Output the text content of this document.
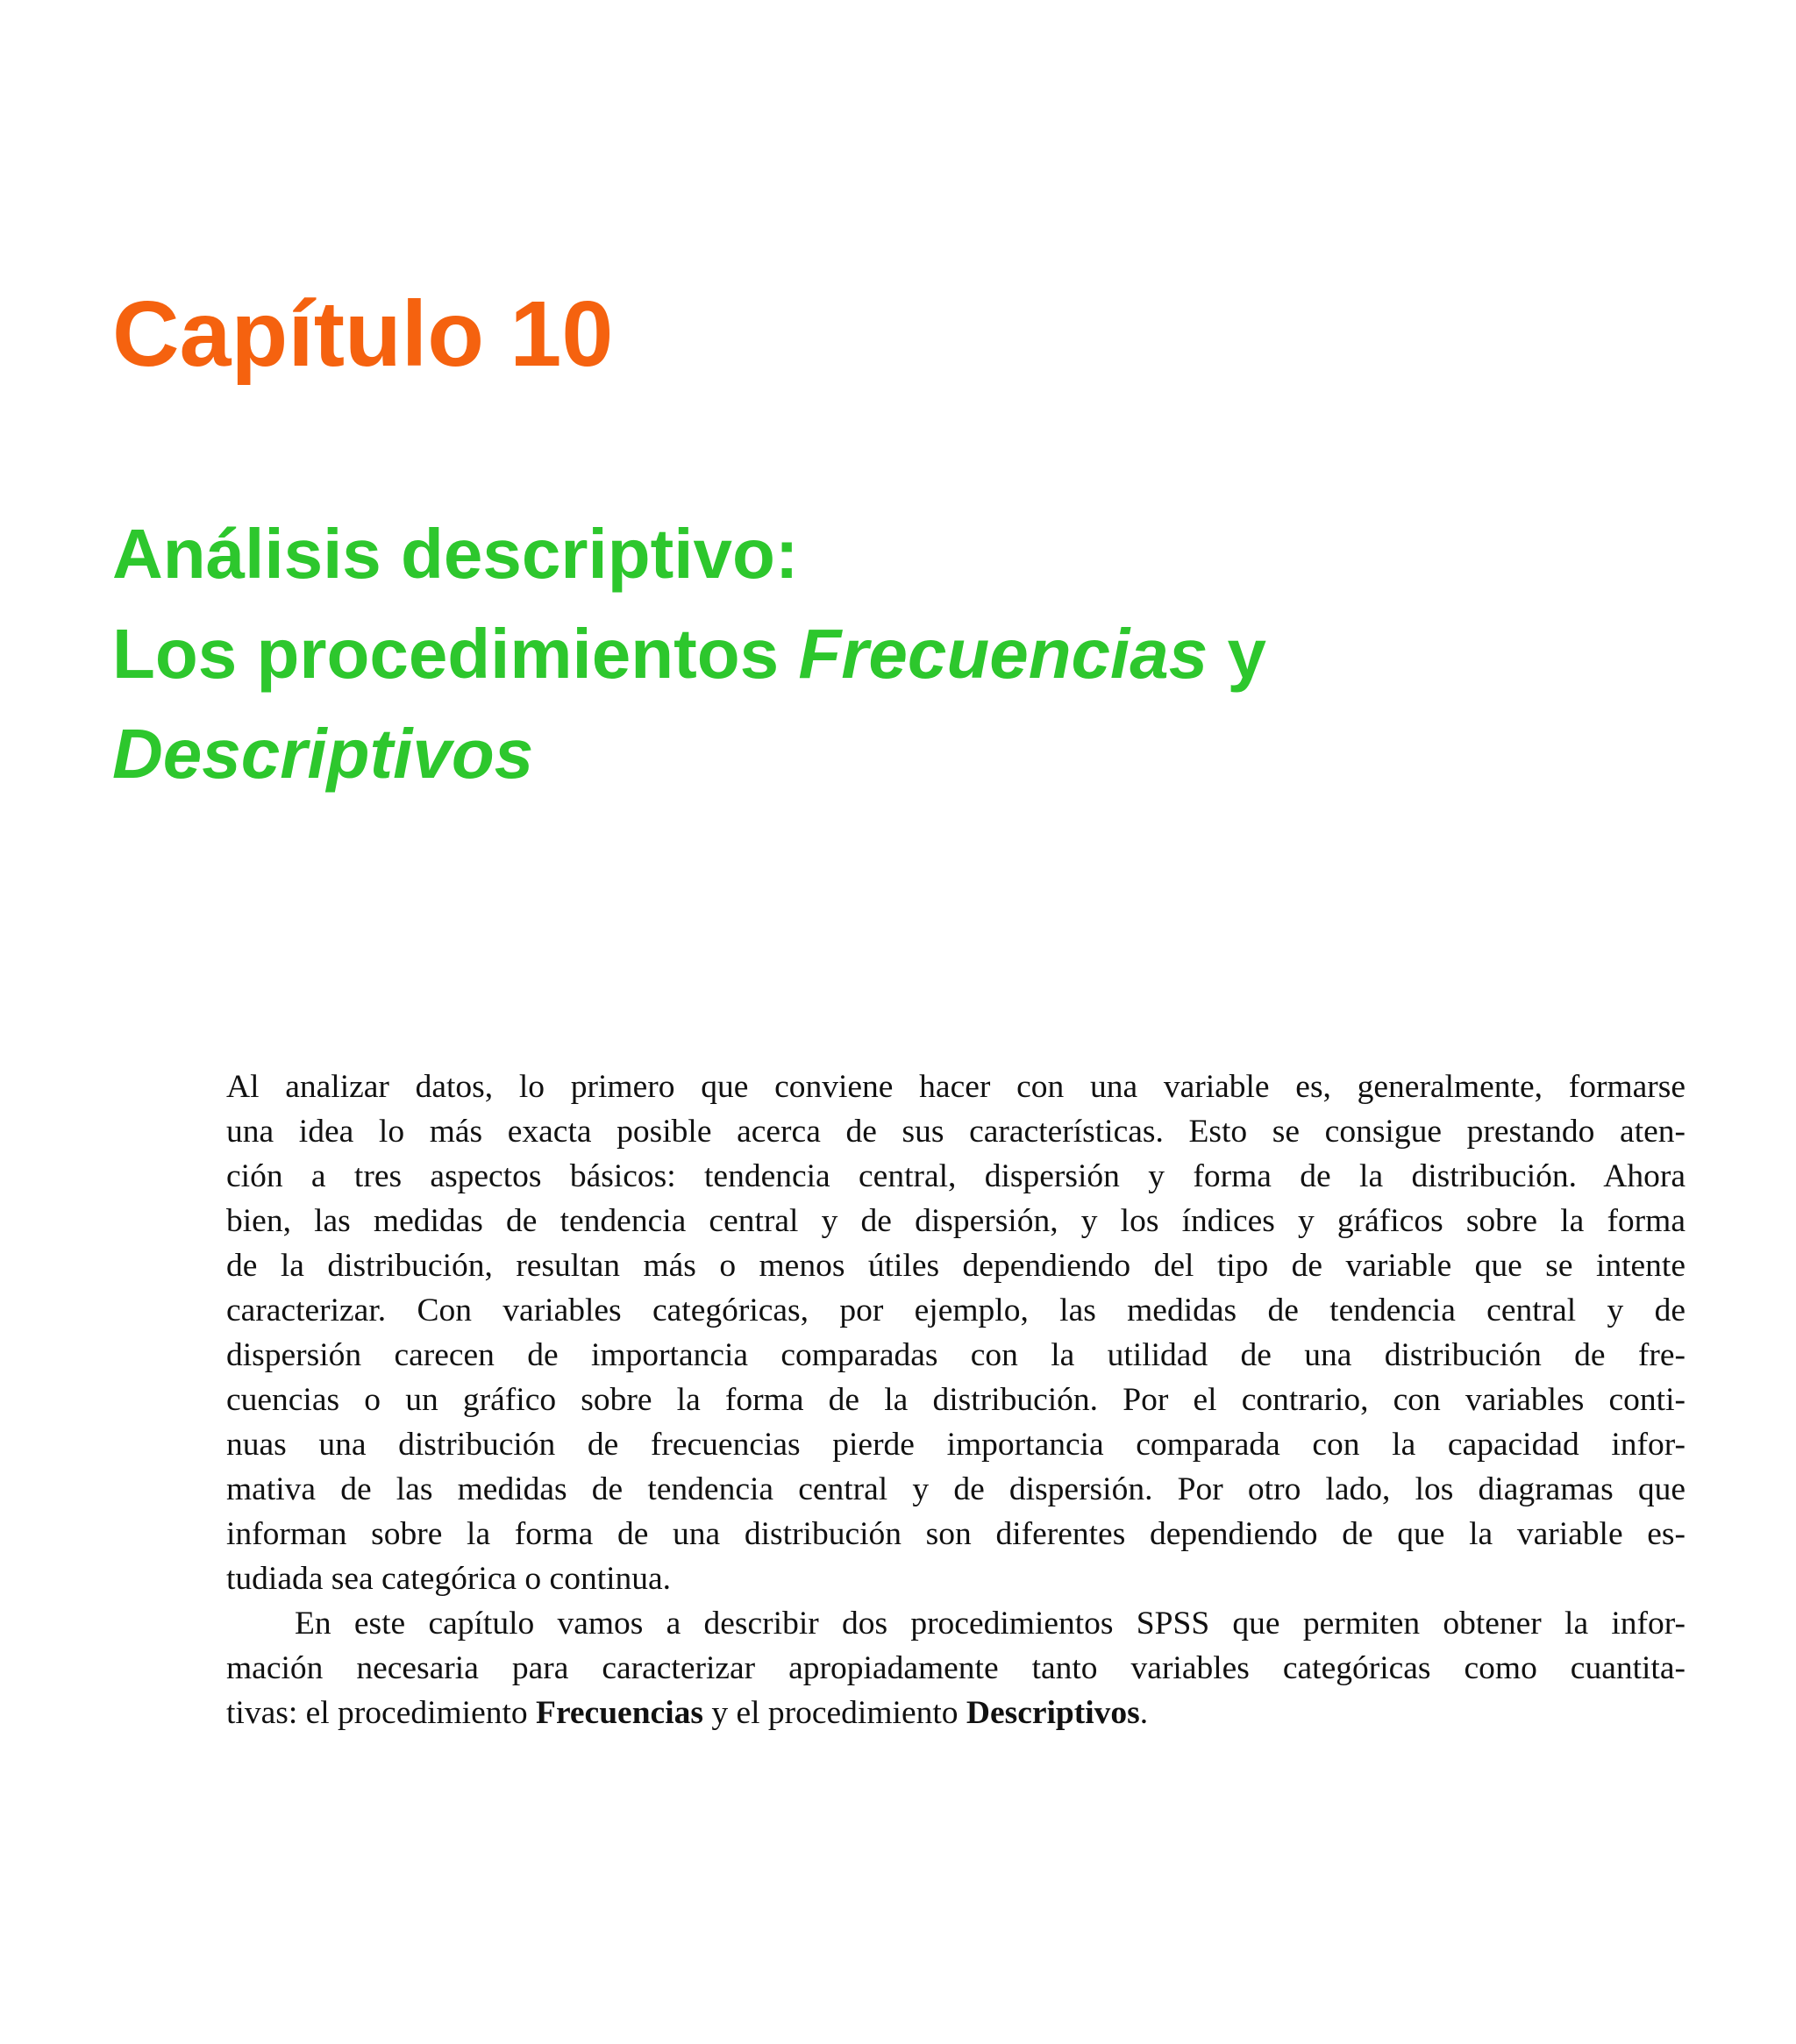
Capítulo 10
Análisis descriptivo:
Los procedimientos Frecuencias y
Descriptivos

Al analizar datos, lo primero que conviene hacer con una variable es, generalmente, formarse
una idea lo más exacta posible acerca de sus características. Esto se consigue prestando aten-
ción a tres aspectos básicos: tendencia central, dispersión y forma de la distribución. Ahora
bien, las medidas de tendencia central y de dispersión, y los índices y gráficos sobre la forma
de la distribución, resultan más o menos útiles dependiendo del tipo de variable que se intente
caracterizar. Con variables categóricas, por ejemplo, las medidas de tendencia central y de
dispersión carecen de importancia comparadas con la utilidad de una distribución de fre-
cuencias o un gráfico sobre la forma de la distribución. Por el contrario, con variables conti-
nuas una distribución de frecuencias pierde importancia comparada con la capacidad infor-
mativa de las medidas de tendencia central y de dispersión. Por otro lado, los diagramas que
informan sobre la forma de una distribución son diferentes dependiendo de que la variable es-
tudiada sea categórica o continua.

En este capítulo vamos a describir dos procedimientos SPSS que permiten obtener la infor-
mación necesaria para caracterizar apropiadamente tanto variables categóricas como cuantita-
tivas: el procedimiento Frecuencias y el procedimiento Descriptivos.
